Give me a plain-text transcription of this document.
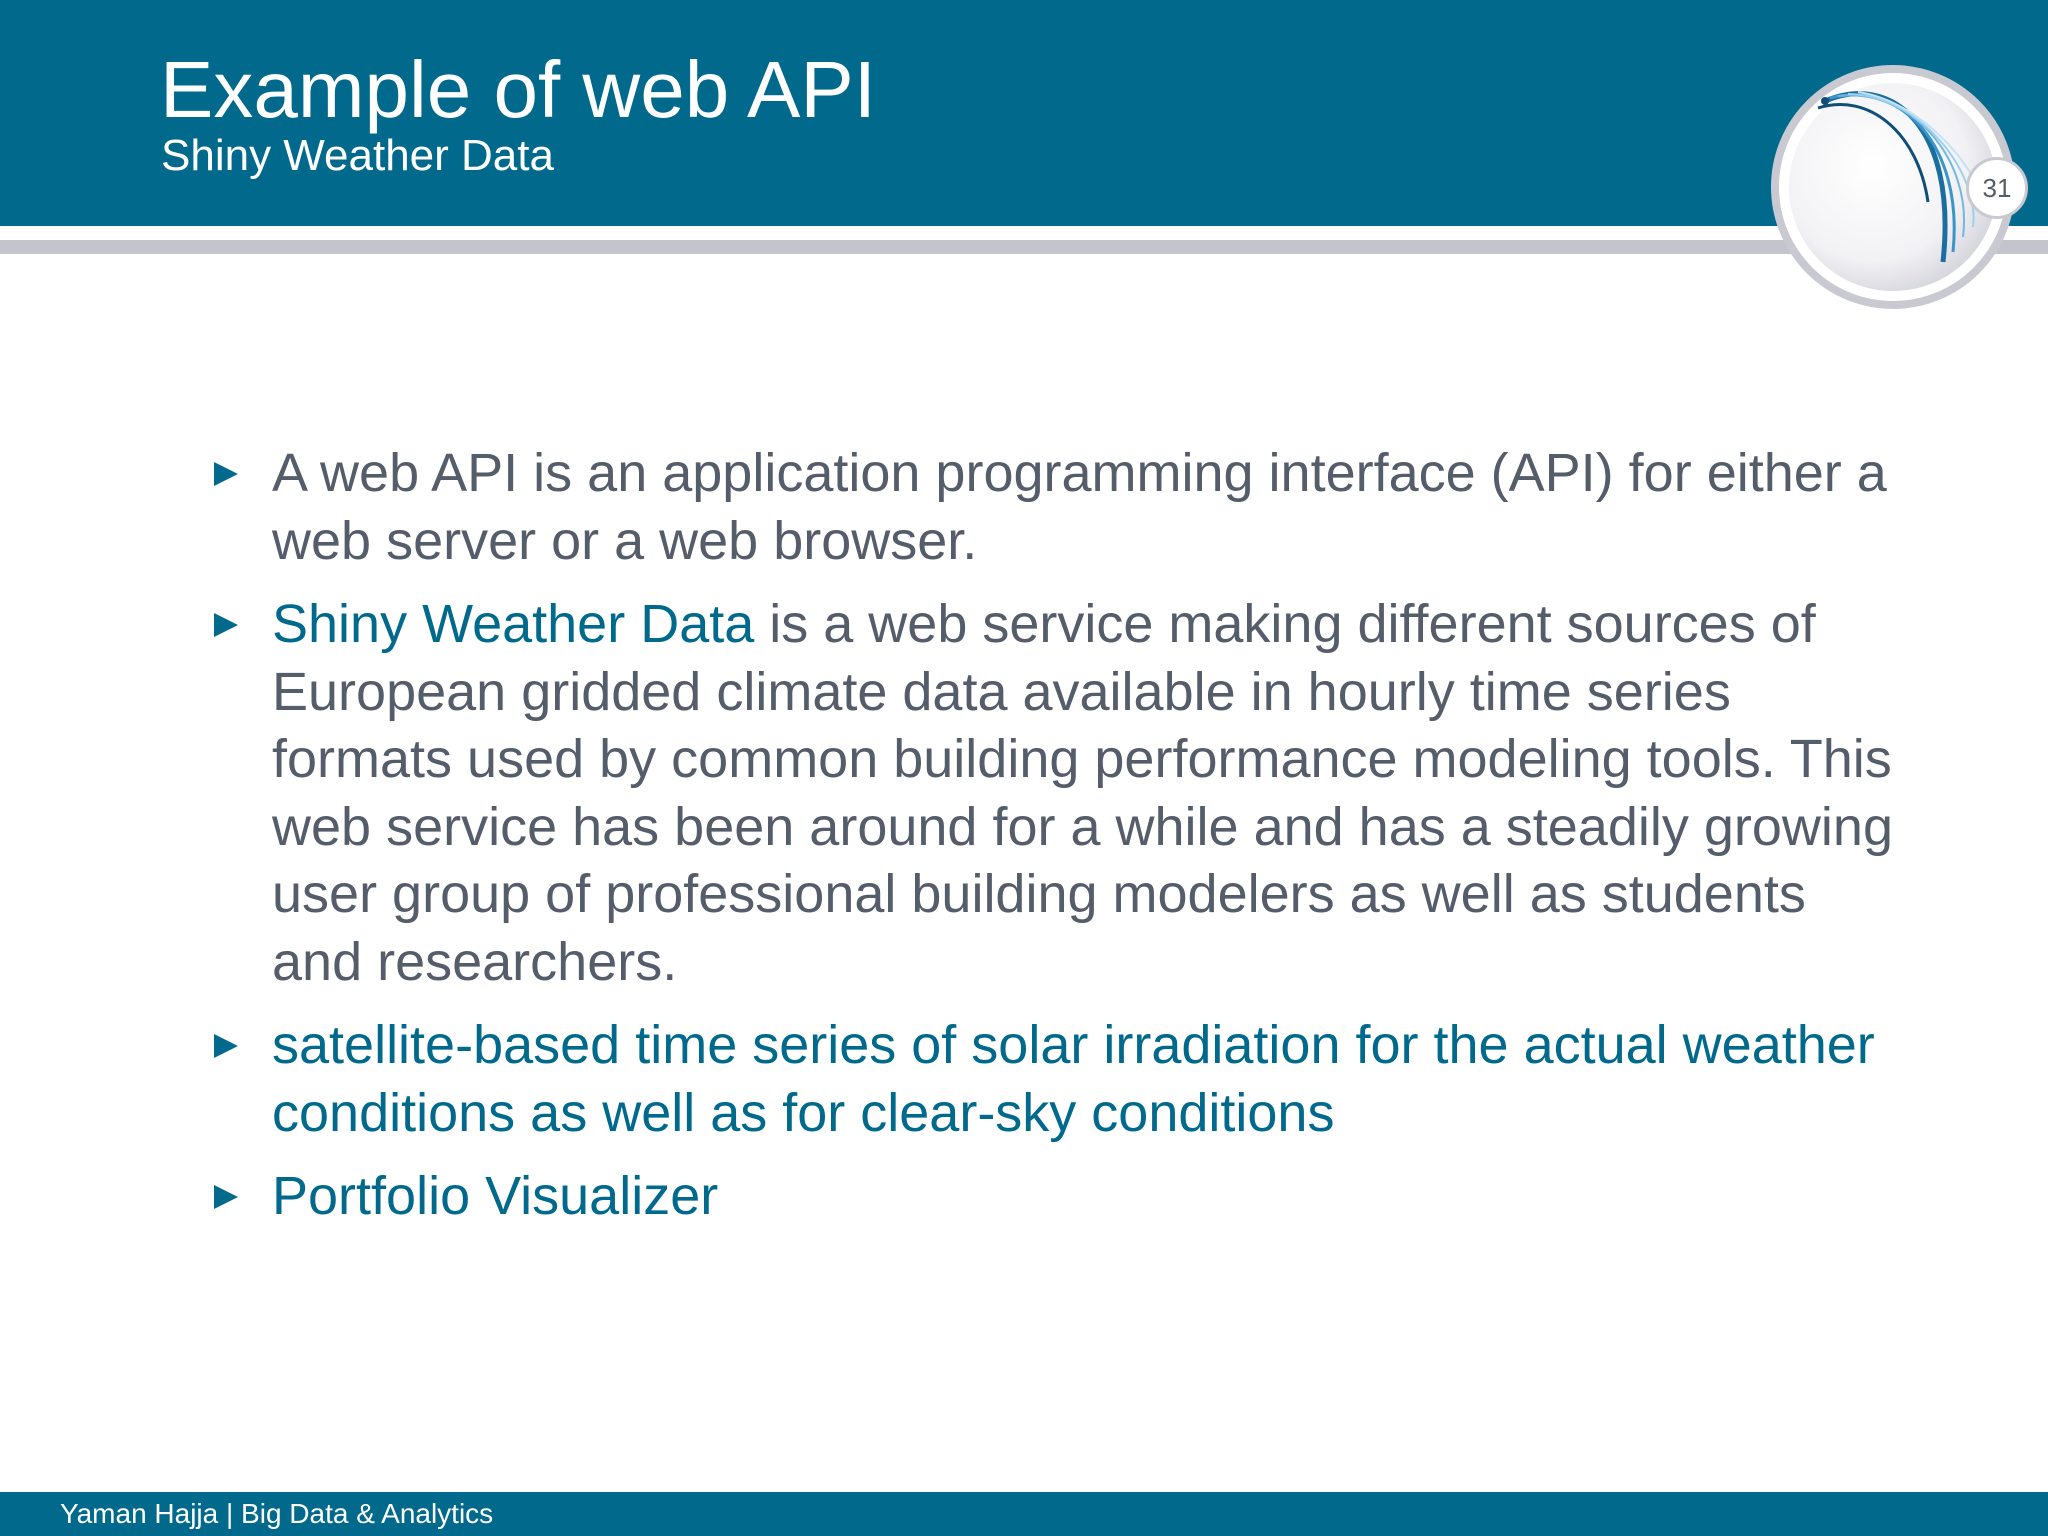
Example of web API
Shiny Weather Data
31
A web API is an application programming interface (API) for either a web server or a web browser.
Shiny Weather Data is a web service making different sources of European gridded climate data available in hourly time series formats used by common building performance modeling tools. This web service has been around for a while and has a steadily growing user group of professional building modelers as well as students and researchers.
satellite-based time series of solar irradiation for the actual weather conditions as well as for clear-sky conditions
Portfolio Visualizer
Yaman Hajja | Big Data & Analytics
